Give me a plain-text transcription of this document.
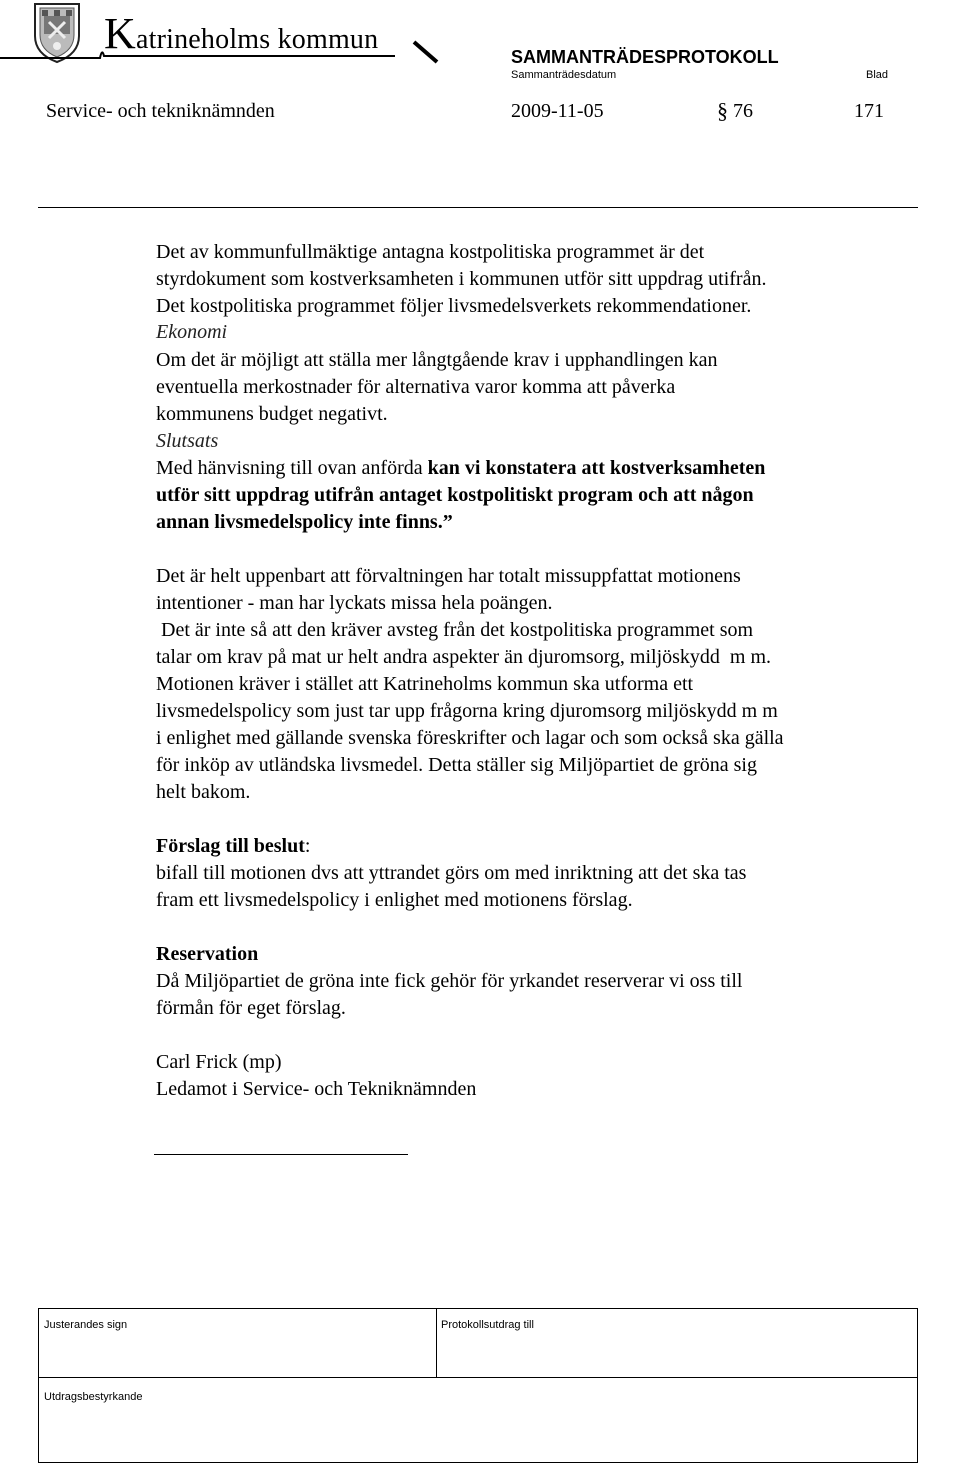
Katrineholms kommun
SAMMANTRÄDESPROTOKOLL
Sammanträdesdatum	Blad
Service- och tekniknämnden	2009-11-05	§ 76	171
Det av kommunfullmäktige antagna kostpolitiska programmet är det
styrdokument som kostverksamheten i kommunen utför sitt uppdrag utifrån.
Det kostpolitiska programmet följer livsmedelsverkets rekommendationer.
Ekonomi
Om det är möjligt att ställa mer långtgående krav i upphandlingen kan
eventuella merkostnader för alternativa varor komma att påverka
kommunens budget negativt.
Slutsats
Med hänvisning till ovan anförda kan vi konstatera att kostverksamheten
utför sitt uppdrag utifrån antaget kostpolitiskt program och att någon
annan livsmedelspolicy inte finns.”
Det är helt uppenbart att förvaltningen har totalt missuppfattat motionens
intentioner - man har lyckats missa hela poängen.
Det är inte så att den kräver avsteg från det kostpolitiska programmet som
talar om krav på mat ur helt andra aspekter än djuromsorg, miljöskydd  m m.
Motionen kräver i stället att Katrineholms kommun ska utforma ett
livsmedelspolicy som just tar upp frågorna kring djuromsorg miljöskydd m m
i enlighet med gällande svenska föreskrifter och lagar och som också ska gälla
för inköp av utländska livsmedel. Detta ställer sig Miljöpartiet de gröna sig
helt bakom.
Förslag till beslut:
bifall till motionen dvs att yttrandet görs om med inriktning att det ska tas
fram ett livsmedelspolicy i enlighet med motionens förslag.
Reservation
Då Miljöpartiet de gröna inte fick gehör för yrkandet reserverar vi oss till
förmån för eget förslag.
Carl Frick (mp)
Ledamot i Service- och Tekniknämnden
Justerandes sign	Protokollsutdrag till
Utdragsbestyrkande
